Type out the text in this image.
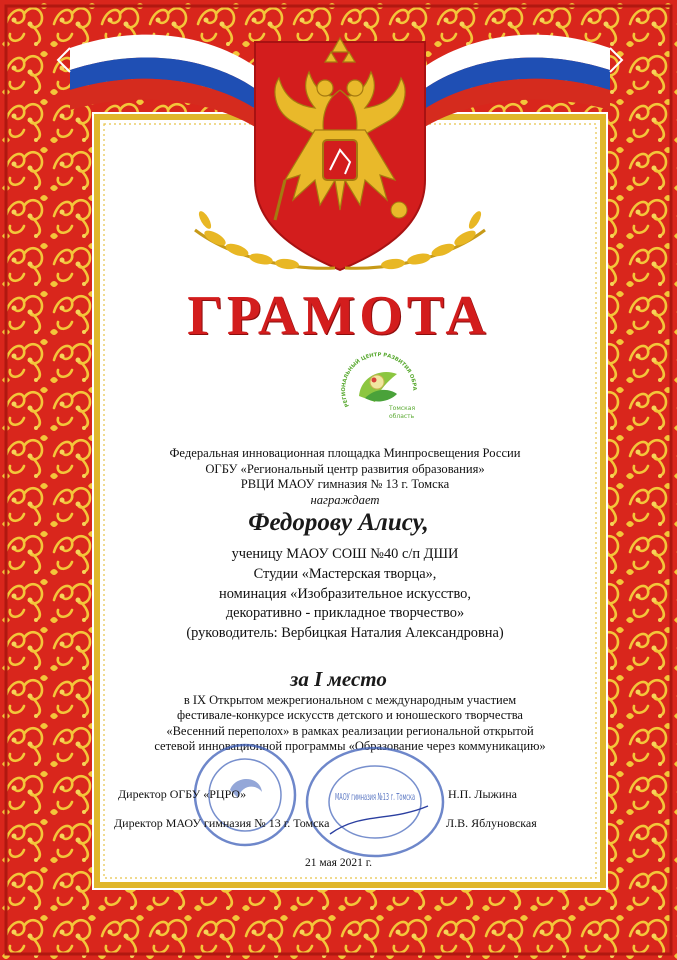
ГРАМОТА
РЕГИОНАЛЬНЫЙ ЦЕНТР РАЗВИТИЯ ОБРА
Томская
область
Федеральная инновационная площадка Минпросвещения России
ОГБУ «Региональный центр развития образования»
РВЦИ МАОУ гимназия № 13 г. Томска
награждает
Федорову Алису,
ученицу МАОУ СОШ №40 с/п ДШИ
Студии «Мастерская творца»,
номинация «Изобразительное искусство,
декоративно - прикладное творчество»
(руководитель: Вербицкая Наталия Александровна)
за I место
в IX Открытом межрегиональном с международным участием
фестивале-конкурсе искусств детского и юношеского творчества
«Весенний переполох» в рамках реализации региональной открытой
сетевой инновационной программы «Образование через коммуникацию»
МАОУ гимназия №13 г. Томска
Директор ОГБУ «РЦРО»	Н.П. Лыжина
Директор МАОУ гимназия № 13 г. Томска	Л.В. Яблуновская
21 мая 2021 г.
